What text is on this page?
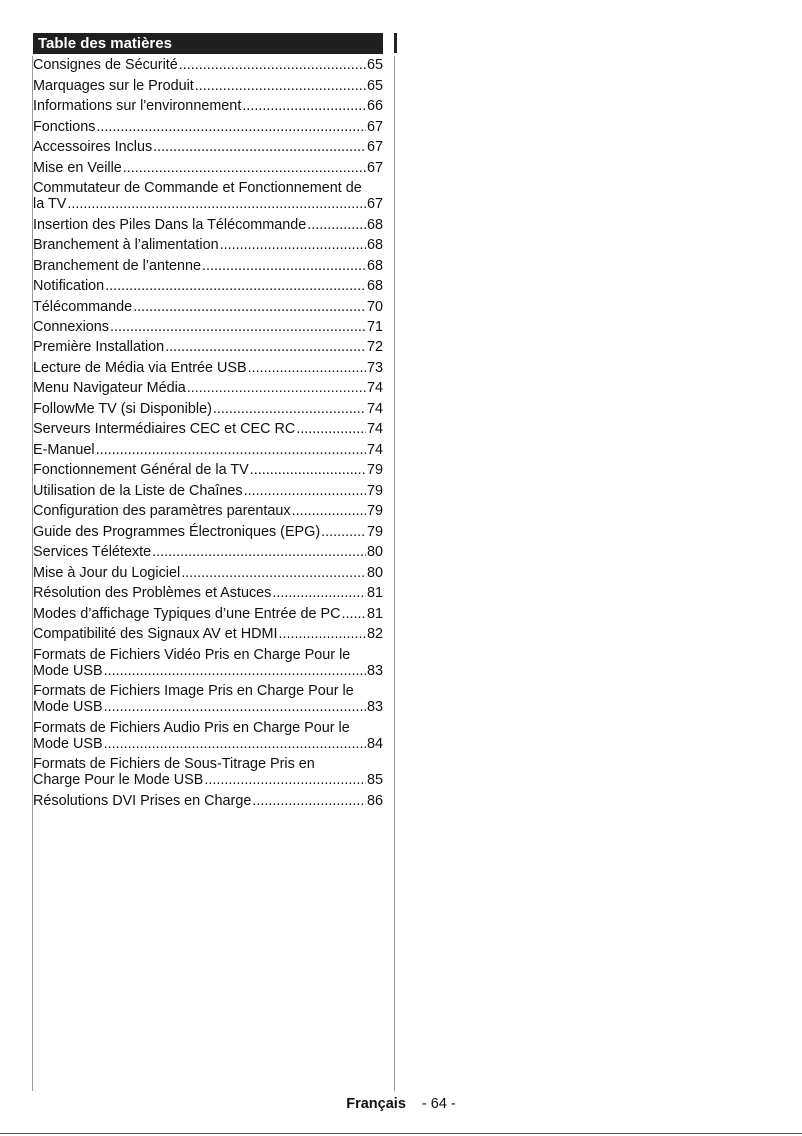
Table des matières
Consignes de Sécurité .....	65
Marquages sur le Produit .....	65
Informations sur l'environnement .....	66
Fonctions .....	67
Accessoires Inclus .....	67
Mise en Veille .....	67
Commutateur de Commande et Fonctionnement de
la TV .....	67
Insertion des Piles Dans la Télécommande .....	68
Branchement à l’alimentation .....	68
Branchement de l’antenne .....	68
Notification .....	68
Télécommande .....	70
Connexions .....	71
Première Installation .....	72
Lecture de Média via Entrée USB .....	73
Menu Navigateur Média .....	74
FollowMe TV (si Disponible) .....	74
Serveurs Intermédiaires CEC et CEC RC .....	74
E-Manuel .....	74
Fonctionnement Général de la TV .....	79
Utilisation de la Liste de Chaînes .....	79
Configuration des paramètres parentaux .....	79
Guide des Programmes Électroniques (EPG) .....	79
Services Télétexte .....	80
Mise à Jour du Logiciel .....	80
Résolution des Problèmes et Astuces .....	81
Modes d’affichage Typiques d’une Entrée de PC ..... 81
Compatibilité des Signaux AV et HDMI .....	82
Formats de Fichiers Vidéo Pris en Charge Pour le
Mode USB .....	83
Formats de Fichiers Image Pris en Charge Pour le
Mode USB .....	83
Formats de Fichiers Audio Pris en Charge Pour le
Mode USB .....	84
Formats de Fichiers de Sous-Titrage Pris en
Charge Pour le Mode USB .....	85
Résolutions DVI Prises en Charge .....	86
Français - 64 -
